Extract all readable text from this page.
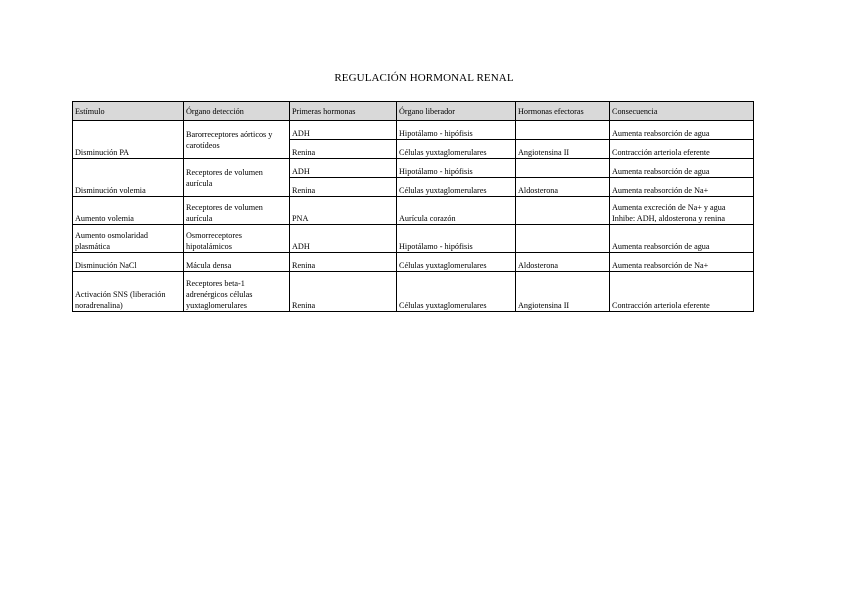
REGULACIÓN HORMONAL RENAL
Estímulo	Órgano detección	Primeras hormonas	Órgano liberador	Hormonas efectoras	Consecuencia
Disminución PA	Barorreceptores aórticos y carotídeos	ADH	Hipotálamo - hipófisis		Aumenta reabsorción de agua
		Renina	Células yuxtaglomerulares	Angiotensina II	Contracción arteriola eferente
Disminución volemia	Receptores de volumen aurícula	ADH	Hipotálamo - hipófisis		Aumenta reabsorción de agua
		Renina	Células yuxtaglomerulares	Aldosterona	Aumenta reabsorción de Na+
Aumento volemia	Receptores de volumen aurícula	PNA	Aurícula corazón		Aumenta excreción de Na+ y agua
Inhibe: ADH, aldosterona y renina

Aumento osmolaridad plasmática	Osmorreceptores hipotalámicos	ADH	Hipotálamo - hipófisis		Aumenta reabsorción de agua
Disminución NaCl	Mácula densa	Renina	Células yuxtaglomerulares	Aldosterona	Aumenta reabsorción de Na+
Activación SNS (liberación noradrenalina)	Receptores beta-1 adrenérgicos células yuxtaglomerulares	Renina	Células yuxtaglomerulares	Angiotensina II	Contracción arteriola eferente
